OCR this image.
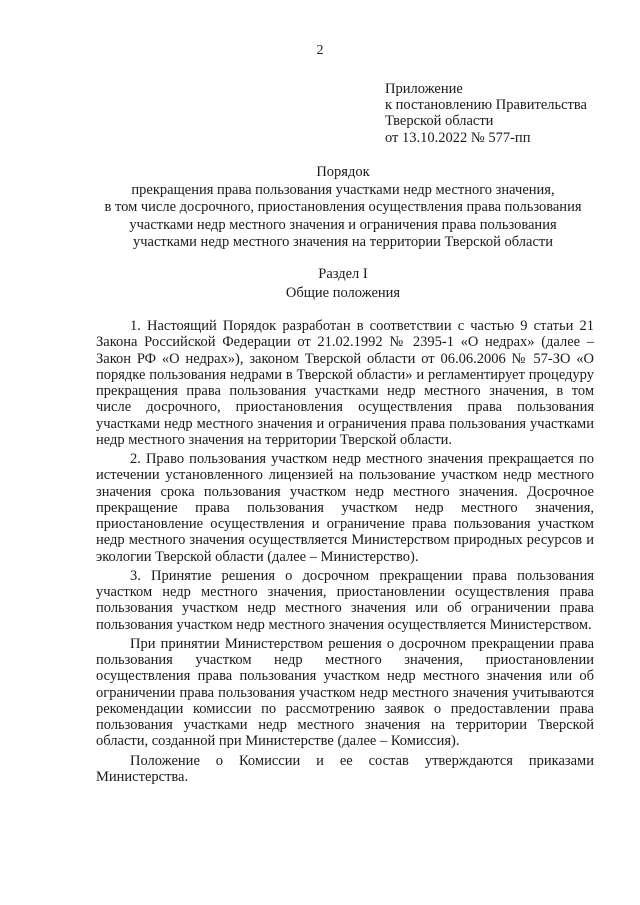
2
Приложение
к постановлению Правительства
Тверской области
от 13.10.2022 № 577-пп
Порядок
прекращения права пользования участками недр местного значения,
в том числе досрочного, приостановления осуществления права пользования
участками недр местного значения и ограничения права пользования
участками недр местного значения на территории Тверской области
Раздел I
Общие положения

1. Настоящий Порядок разработан в соответствии с частью 9 статьи 21 Закона Российской Федерации от 21.02.1992 № 2395-1 «О недрах» (далее – Закон РФ «О недрах»), законом Тверской области от 06.06.2006 № 57-ЗО «О порядке пользования недрами в Тверской области» и регламентирует процедуру прекращения права пользования участками недр местного значения, в том числе досрочного, приостановления осуществления права пользования участками недр местного значения и ограничения права пользования участками недр местного значения на территории Тверской области.

2. Право пользования участком недр местного значения прекращается по истечении установленного лицензией на пользование участком недр местного значения срока пользования участком недр местного значения. Досрочное прекращение права пользования участком недр местного значения, приостановление осуществления и ограничение права пользования участком недр местного значения осуществляется Министерством природных ресурсов и экологии Тверской области (далее – Министерство).

3. Принятие решения о досрочном прекращении права пользования участком недр местного значения, приостановлении осуществления права пользования участком недр местного значения или об ограничении права пользования участком недр местного значения осуществляется Министерством.

При принятии Министерством решения о досрочном прекращении права пользования участком недр местного значения, приостановлении осуществления права пользования участком недр местного значения или об ограничении права пользования участком недр местного значения учитываются рекомендации комиссии по рассмотрению заявок о предоставлении права пользования участками недр местного значения на территории Тверской области, созданной при Министерстве (далее – Комиссия).

Положение о Комиссии и ее состав утверждаются приказами Министерства.
